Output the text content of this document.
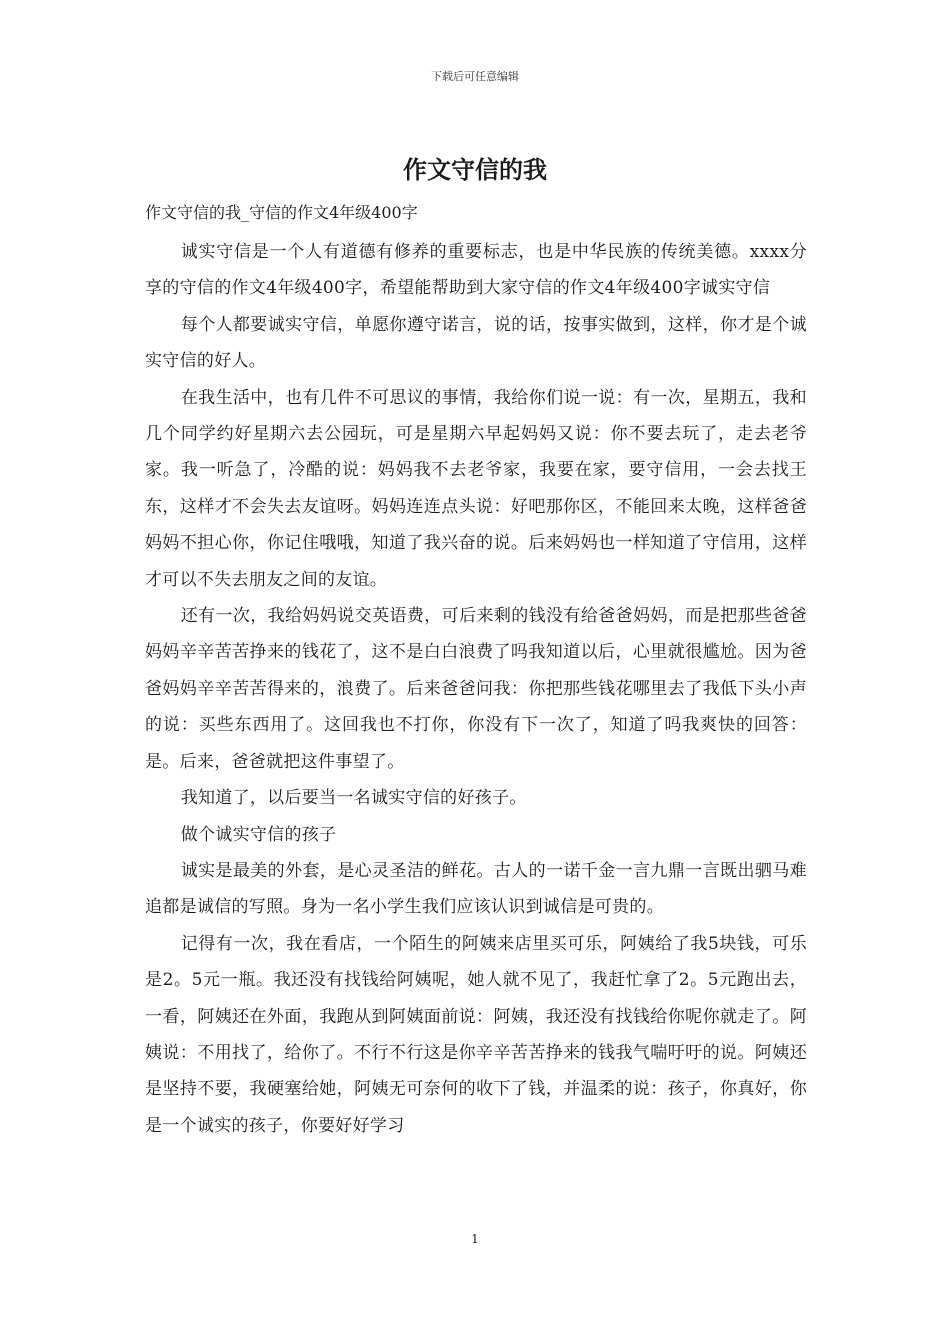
下载后可任意编辑
作文守信的我
作文守信的我_守信的作文4年级400字

诚实守信是一个人有道德有修养的重要标志，也是中华民族的传统美德。xxxx分享的守信的作文4年级400字，希望能帮助到大家守信的作文4年级400字诚实守信

每个人都要诚实守信，单愿你遵守诺言，说的话，按事实做到，这样，你才是个诚实守信的好人。

在我生活中，也有几件不可思议的事情，我给你们说一说：有一次，星期五，我和几个同学约好星期六去公园玩，可是星期六早起妈妈又说：你不要去玩了，走去老爷家。我一听急了，冷酷的说：妈妈我不去老爷家，我要在家，要守信用，一会去找王东，这样才不会失去友谊呀。妈妈连连点头说：好吧那你区，不能回来太晚，这样爸爸妈妈不担心你，你记住哦哦，知道了我兴奋的说。后来妈妈也一样知道了守信用，这样才可以不失去朋友之间的友谊。

还有一次，我给妈妈说交英语费，可后来剩的钱没有给爸爸妈妈，而是把那些爸爸妈妈辛辛苦苦挣来的钱花了，这不是白白浪费了吗我知道以后，心里就很尴尬。因为爸爸妈妈辛辛苦苦得来的，浪费了。后来爸爸问我：你把那些钱花哪里去了我低下头小声的说：买些东西用了。这回我也不打你，你没有下一次了，知道了吗我爽快的回答：是。后来，爸爸就把这件事望了。

我知道了，以后要当一名诚实守信的好孩子。

做个诚实守信的孩子

诚实是最美的外套，是心灵圣洁的鲜花。古人的一诺千金一言九鼎一言既出驷马难追都是诚信的写照。身为一名小学生我们应该认识到诚信是可贵的。

记得有一次，我在看店，一个陌生的阿姨来店里买可乐，阿姨给了我5块钱，可乐是2。5元一瓶。我还没有找钱给阿姨呢，她人就不见了，我赶忙拿了2。5元跑出去，一看，阿姨还在外面，我跑从到阿姨面前说：阿姨，我还没有找钱给你呢你就走了。阿姨说：不用找了，给你了。不行不行这是你辛辛苦苦挣来的钱我气喘吁吁的说。阿姨还是坚持不要，我硬塞给她，阿姨无可奈何的收下了钱，并温柔的说：孩子，你真好，你是一个诚实的孩子，你要好好学习

1
